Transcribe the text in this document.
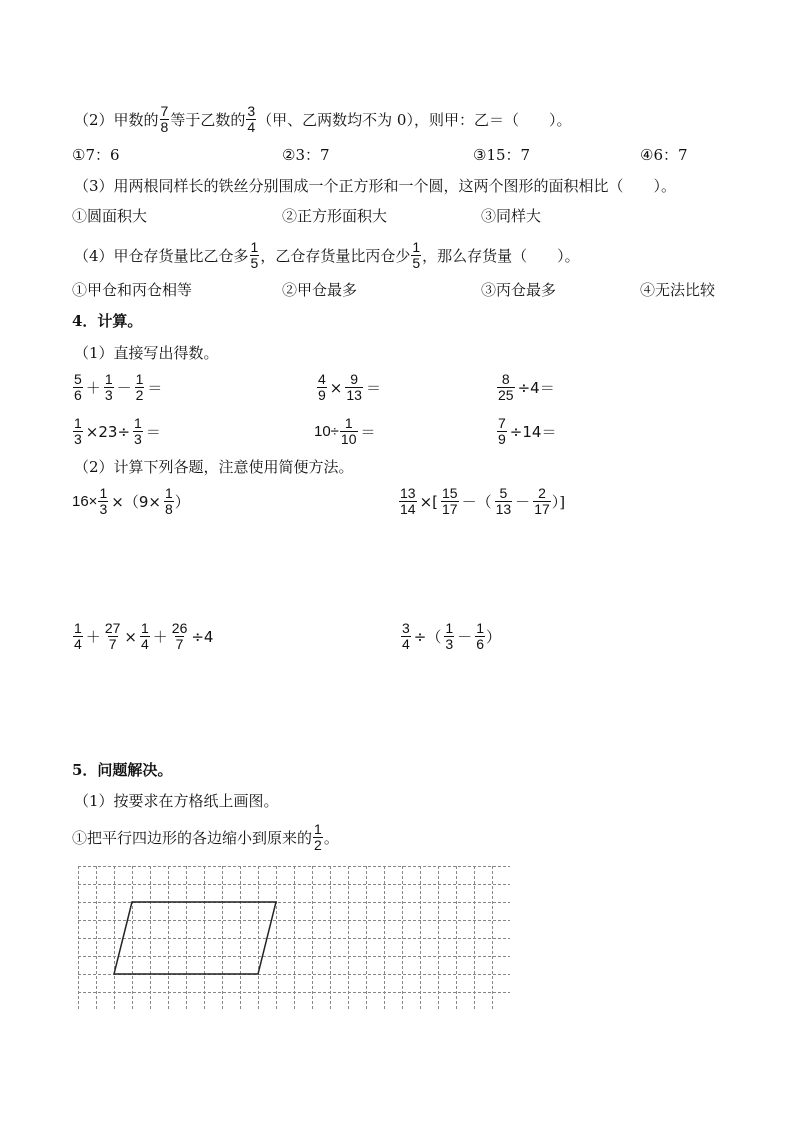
（2）甲数的 $\frac{7}{8}$ 等于乙数的 $\frac{3}{4}$ （甲、乙两数均不为 0），则甲：乙＝（　　）。
①7：6	②3：7	③15：7	④6：7
（3）用两根同样长的铁丝分别围成一个正方形和一个圆，这两个图形的面积相比（　　）。
①圆面积大	②正方形面积大	③同样大
（4）甲仓存货量比乙仓多 $\frac{1}{5}$ ，乙仓存货量比丙仓少 $\frac{1}{5}$ ，那么存货量（　　）。
①甲仓和丙仓相等	②甲仓最多	③丙仓最多	④无法比较
4．计算。
（1）直接写出得数。
$\frac{5}{6} + \frac{1}{3} - \frac{1}{2}$ ＝	$\frac{4}{9} \times \frac{9}{13}$ ＝	$\frac{8}{25} \div 4=$
$\frac{1}{3} \times 23\div \frac{1}{3}$ ＝	$10\div \frac{1}{10}$ ＝	$\frac{7}{9} \div 14=$
（2）计算下列各题，注意使用简便方法。
$16\times \frac{1}{3} \times(9\times \frac{1}{8}$ ）	$\frac{13}{14}$ ×[ $\frac{15}{17}$ －（ $\frac{5}{13} - \frac{2}{17}$ ）]
$\frac{1}{4} + \frac{27}{7} \times \frac{1}{4} + \frac{26}{7} \div 4$	$\frac{3}{4}$ ÷（ $\frac{1}{3} - \frac{1}{6}$ ）
5．问题解决。
（1）按要求在方格纸上画图。
①把平行四边形的各边缩小到原来的 $\frac{1}{2}$ 。
